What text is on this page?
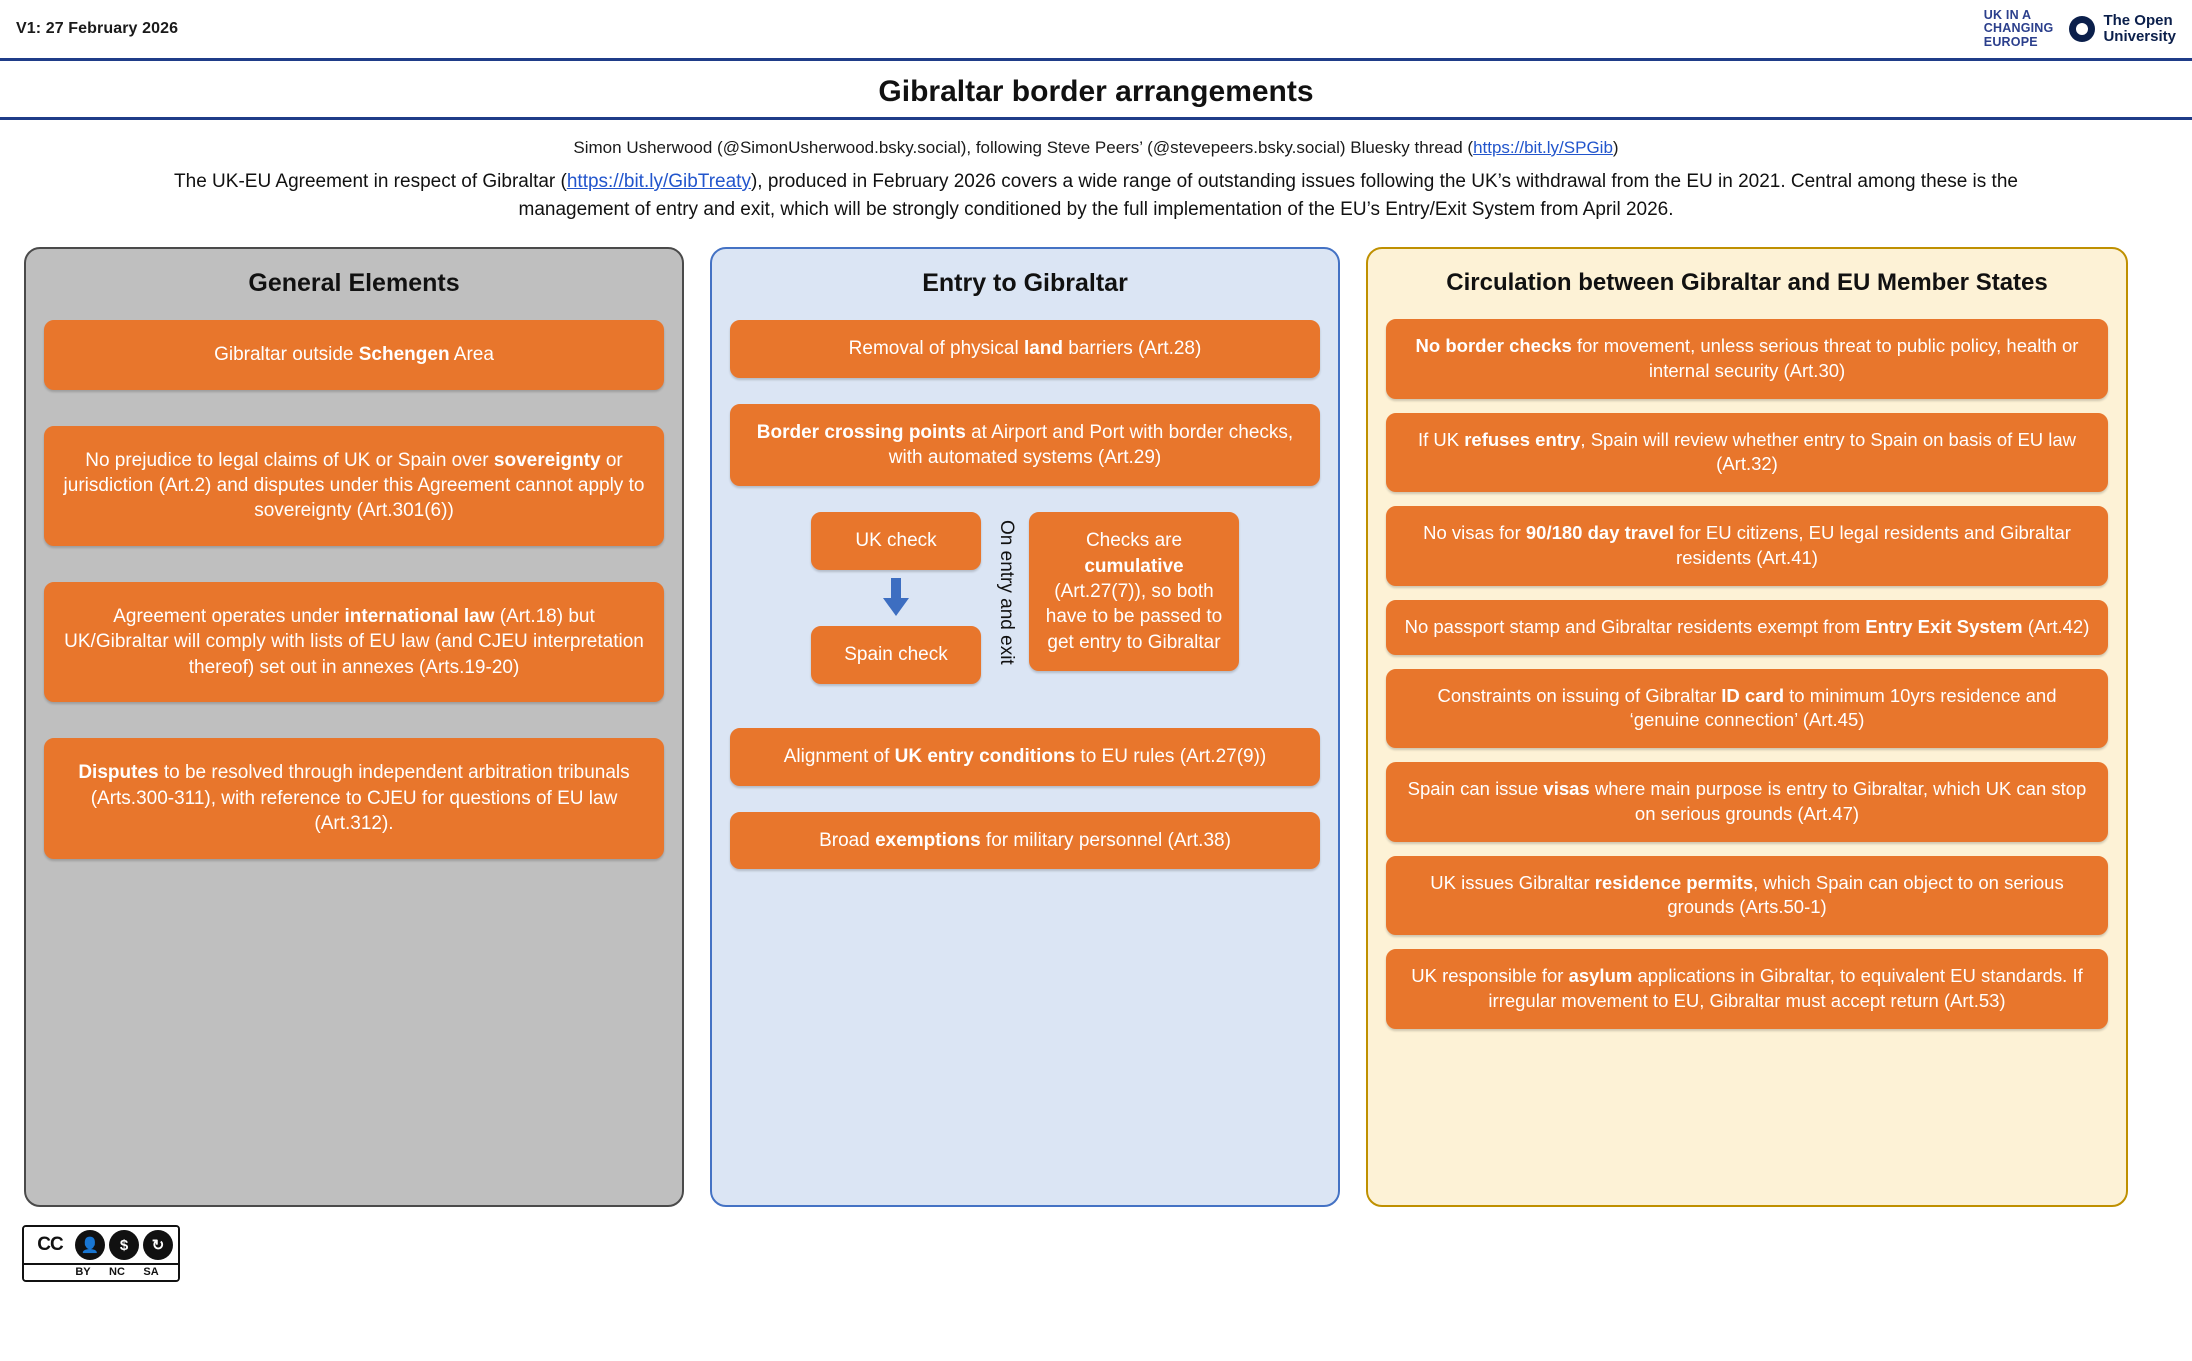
V1: 27 February 2026
UK IN A
CHANGING
EUROPE
The Open
University
Gibraltar border arrangements
Simon Usherwood (@SimonUsherwood.bsky.social), following Steve Peers’ (@stevepeers.bsky.social) Bluesky thread (https://bit.ly/SPGib)
The UK-EU Agreement in respect of Gibraltar (https://bit.ly/GibTreaty), produced in February 2026 covers a wide range of outstanding issues following the UK’s withdrawal from the EU in 2021. Central among these is the management of entry and exit, which will be strongly conditioned by the full implementation of the EU’s Entry/Exit System from April 2026.
General Elements
Gibraltar outside Schengen Area
No prejudice to legal claims of UK or Spain over sovereignty or jurisdiction (Art.2) and disputes under this Agreement cannot apply to sovereignty (Art.301(6))
Agreement operates under international law (Art.18) but UK/Gibraltar will comply with lists of EU law (and CJEU interpretation thereof) set out in annexes (Arts.19-20)
Disputes to be resolved through independent arbitration tribunals (Arts.300-311), with reference to CJEU for questions of EU law (Art.312).
Entry to Gibraltar
Removal of physical land barriers (Art.28)
Border crossing points at Airport and Port with border checks, with automated systems (Art.29)
UK check
Spain check	On entry and exit	Checks are cumulative (Art.27(7)), so both have to be passed to get entry to Gibraltar
Alignment of UK entry conditions to EU rules (Art.27(9))
Broad exemptions for military personnel (Art.38)
Circulation between Gibraltar and EU Member States
No border checks for movement, unless serious threat to public policy, health or internal security (Art.30)
If UK refuses entry, Spain will review whether entry to Spain on basis of EU law (Art.32)
No visas for 90/180 day travel for EU citizens, EU legal residents and Gibraltar residents (Art.41)
No passport stamp and Gibraltar residents exempt from Entry Exit System (Art.42)
Constraints on issuing of Gibraltar ID card to minimum 10yrs residence and ‘genuine connection’ (Art.45)
Spain can issue visas where main purpose is entry to Gibraltar, which UK can stop on serious grounds (Art.47)
UK issues Gibraltar residence permits, which Spain can object to on serious grounds (Arts.50-1)
UK responsible for asylum applications in Gibraltar, to equivalent EU standards. If irregular movement to EU, Gibraltar must accept return (Art.53)
CC	👤	$	↻
BY	NC	SA
